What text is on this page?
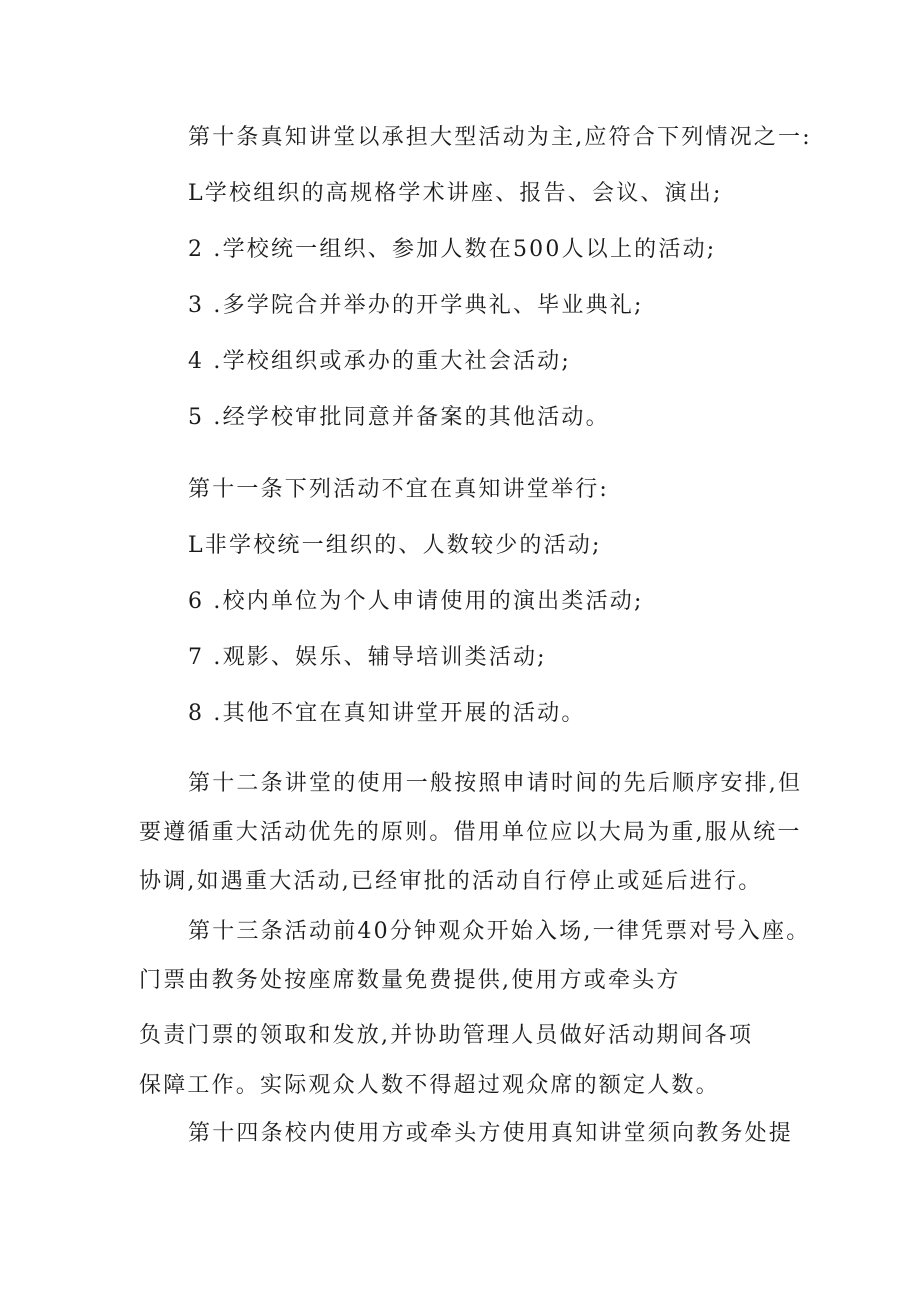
第十条真知讲堂以承担大型活动为主,应符合下列情况之一:
L学校组织的高规格学术讲座、报告、会议、演出;
2 .学校统一组织、参加人数在500人以上的活动;
3 .多学院合并举办的开学典礼、毕业典礼;
4 .学校组织或承办的重大社会活动;
5 .经学校审批同意并备案的其他活动。
第十一条下列活动不宜在真知讲堂举行:
L非学校统一组织的、人数较少的活动;
6 .校内单位为个人申请使用的演出类活动;
7 .观影、娱乐、辅导培训类活动;
8 .其他不宜在真知讲堂开展的活动。
第十二条讲堂的使用一般按照申请时间的先后顺序安排,但
要遵循重大活动优先的原则。借用单位应以大局为重,服从统一
协调,如遇重大活动,已经审批的活动自行停止或延后进行。
第十三条活动前40分钟观众开始入场,一律凭票对号入座。
门票由教务处按座席数量免费提供,使用方或牵头方
负责门票的领取和发放,并协助管理人员做好活动期间各项
保障工作。实际观众人数不得超过观众席的额定人数。
第十四条校内使用方或牵头方使用真知讲堂须向教务处提
